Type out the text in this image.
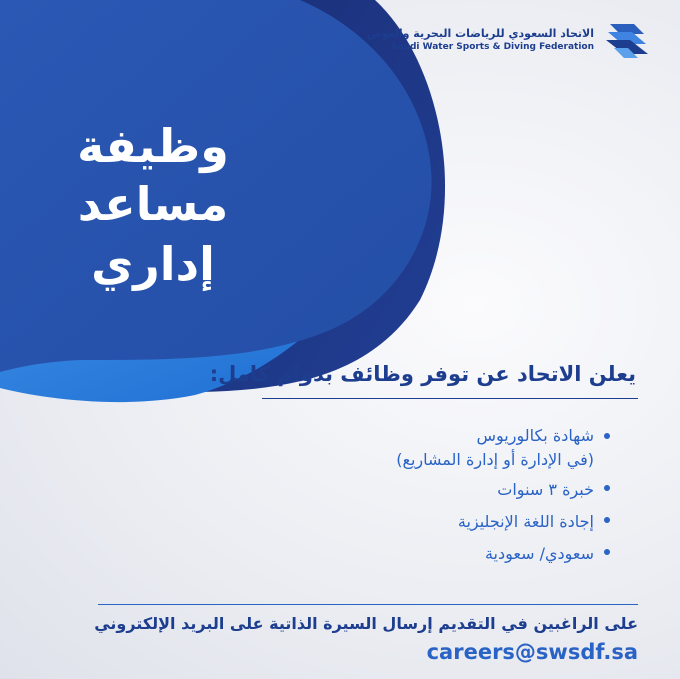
الاتحاد السعودي للرياضات البحرية والغوص
Saudi Water Sports & Diving Federation
وظيفة
مساعد إداري
يعلن الاتحاد عن توفر وظائف بدوام كامل:
شهادة بكالوريوس
(في الإدارة أو إدارة المشاريع)
خبرة ٣ سنوات
إجادة اللغة الإنجليزية
سعودي/ سعودية
على الراغبين في التقديم إرسال السيرة الذاتية على البريد الإلكتروني
careers@swsdf.sa
